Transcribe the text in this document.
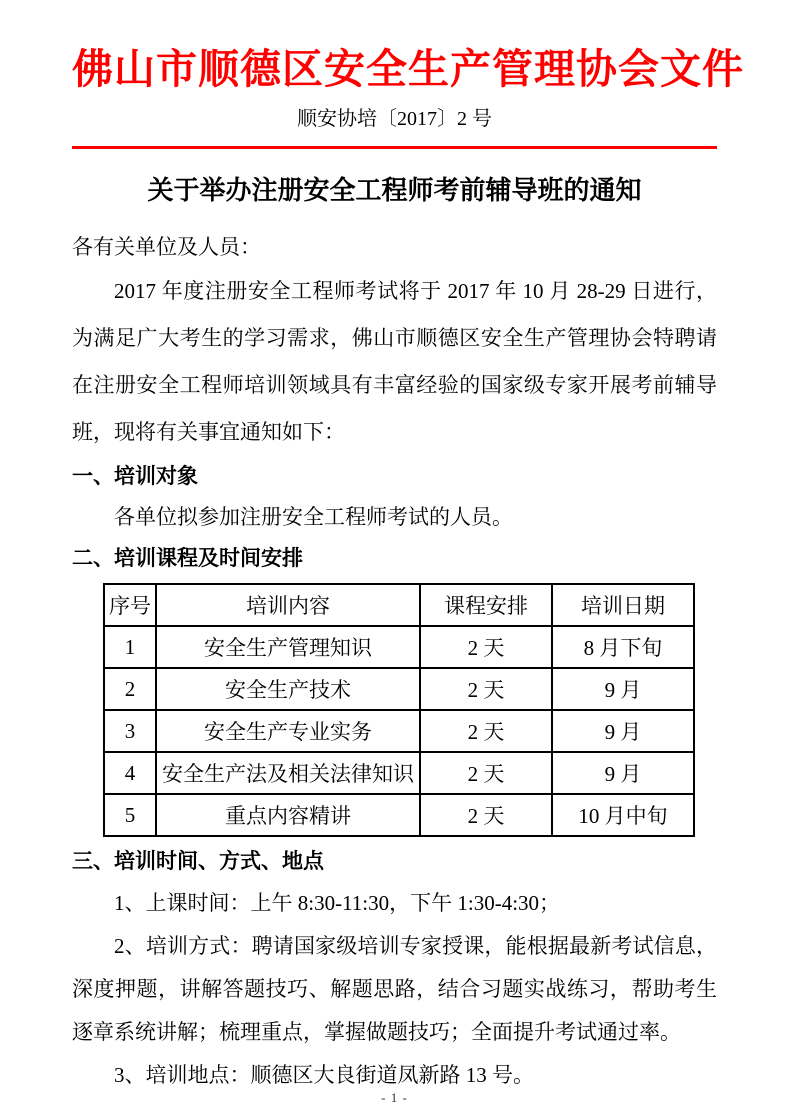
佛山市顺德区安全生产管理协会文件
顺安协培〔2017〕2 号
关于举办注册安全工程师考前辅导班的通知
各有关单位及人员：
2017 年度注册安全工程师考试将于 2017 年 10 月 28-29 日进行，为满足广大考生的学习需求，佛山市顺德区安全生产管理协会特聘请在注册安全工程师培训领域具有丰富经验的国家级专家开展考前辅导班，现将有关事宜通知如下：
一、培训对象
各单位拟参加注册安全工程师考试的人员。
二、培训课程及时间安排
序号	培训内容	课程安排	培训日期
1	安全生产管理知识	2 天	8 月下旬
2	安全生产技术	2 天	9 月
3	安全生产专业实务	2 天	9 月
4	安全生产法及相关法律知识	2 天	9 月
5	重点内容精讲	2 天	10 月中旬
三、培训时间、方式、地点
1、上课时间：上午 8:30-11:30，下午 1:30-4:30；
2、培训方式：聘请国家级培训专家授课，能根据最新考试信息，深度押题，讲解答题技巧、解题思路，结合习题实战练习，帮助考生逐章系统讲解；梳理重点，掌握做题技巧；全面提升考试通过率。
3、培训地点：顺德区大良街道凤新路 13 号。
- 1 -
